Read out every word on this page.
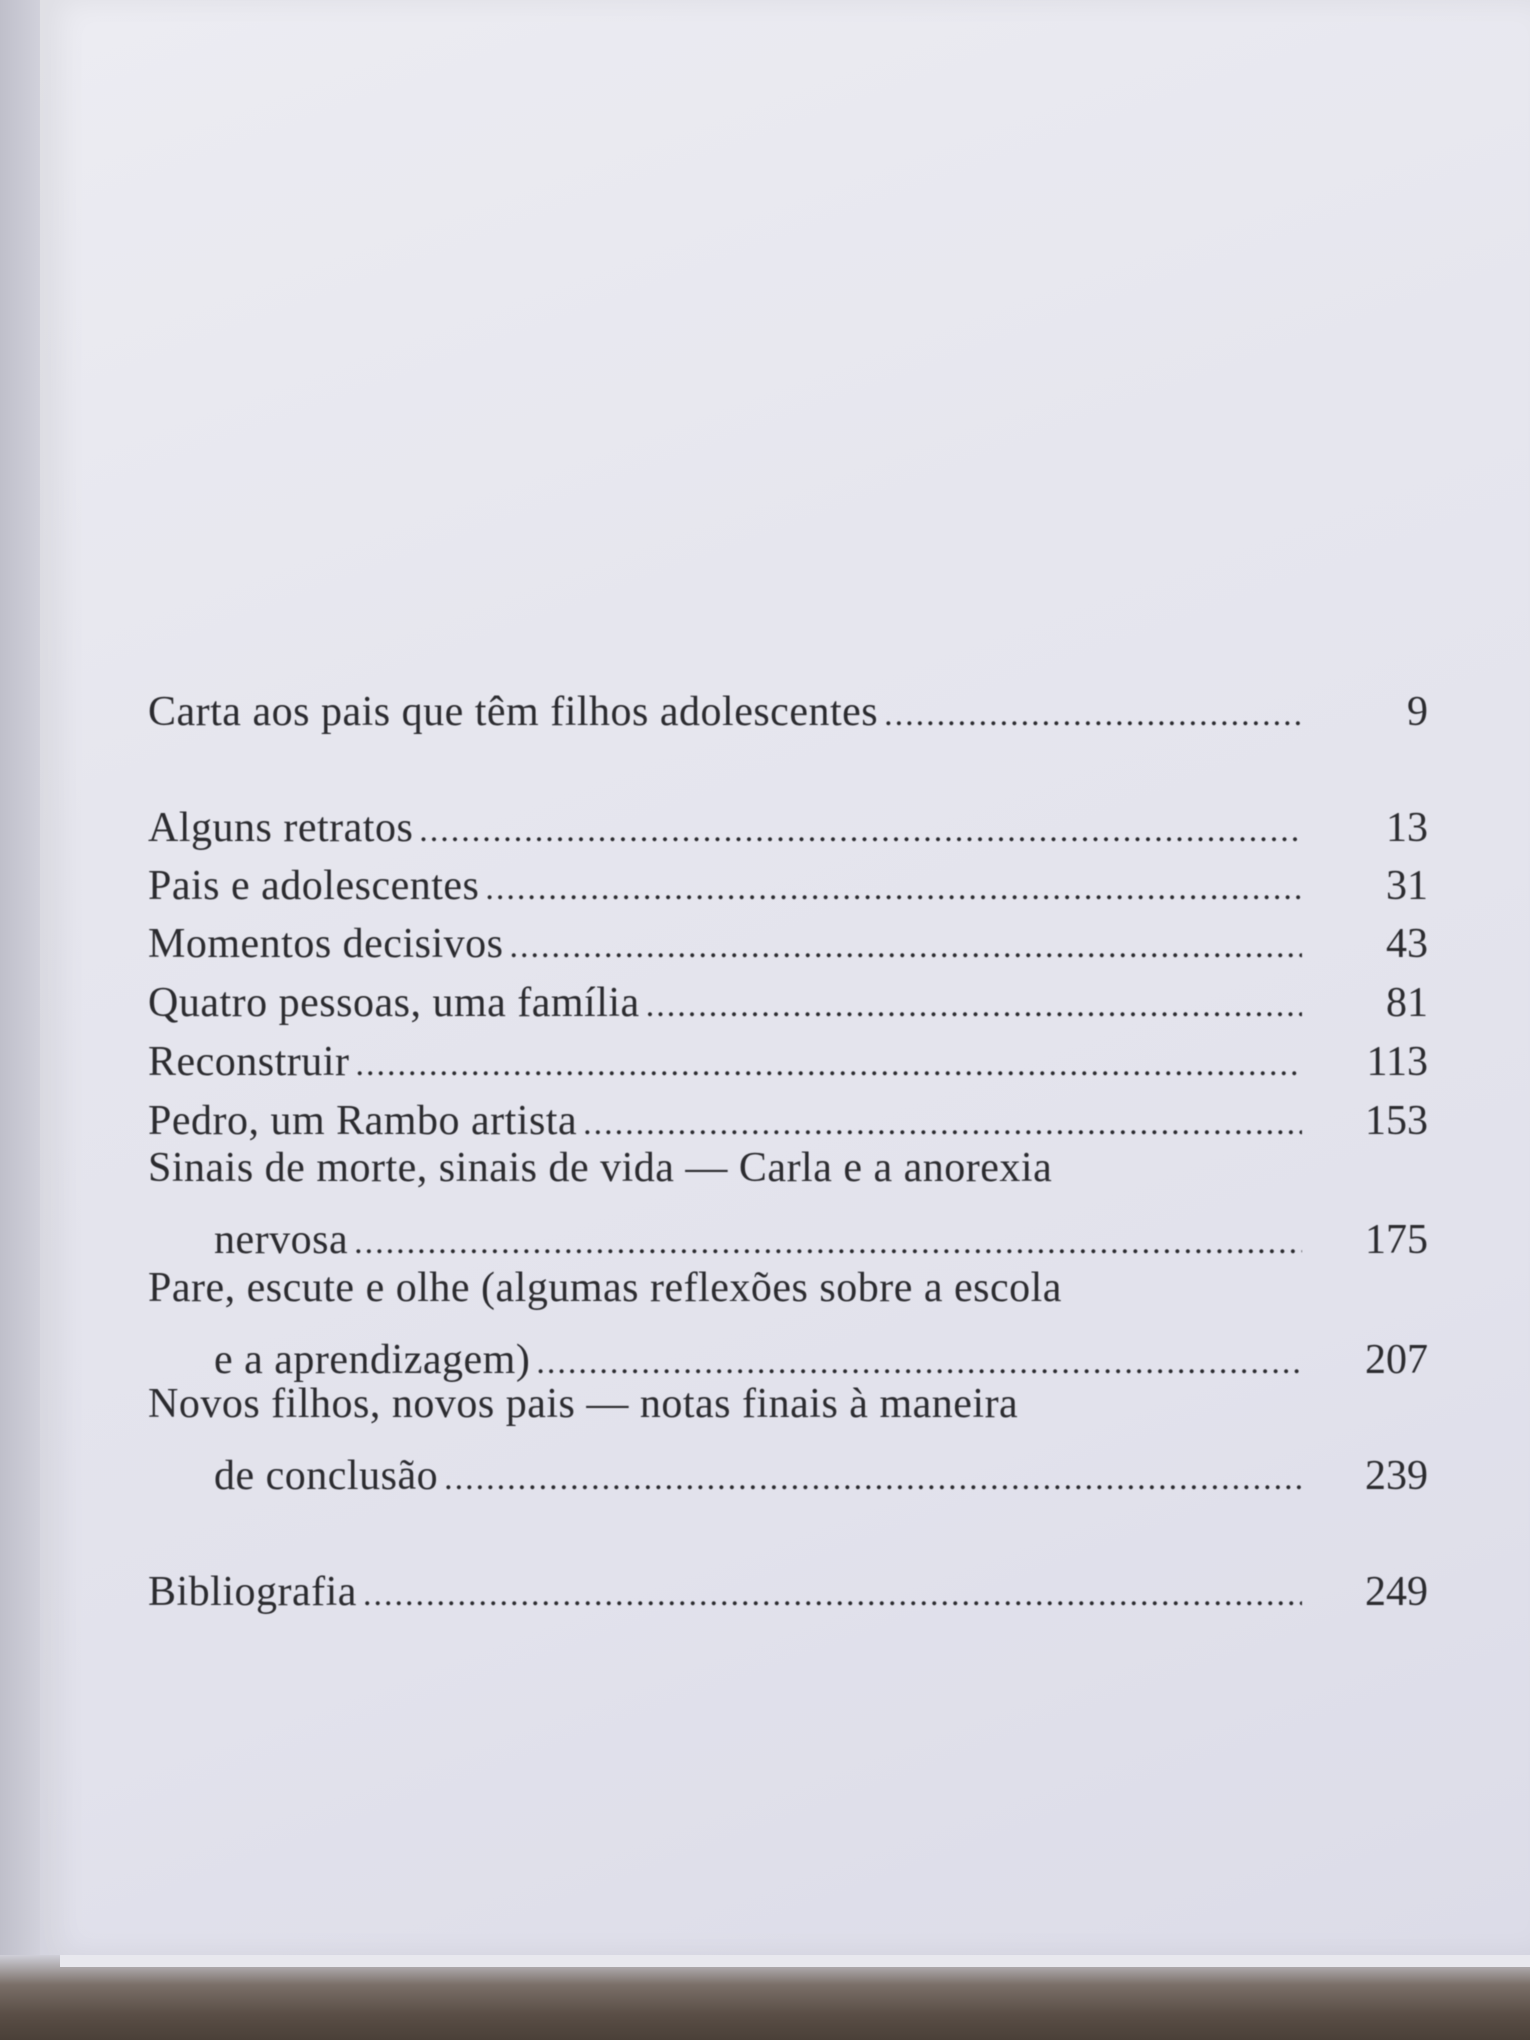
Carta aos pais que têm filhos adolescentes .....	9
Alguns retratos .....	13
Pais e adolescentes .....	31
Momentos decisivos .....	43
Quatro pessoas, uma família .....	81
Reconstruir .....	113
Pedro, um Rambo artista .....	153
Sinais de morte, sinais de vida — Carla e a anorexia
nervosa .....	175
Pare, escute e olhe (algumas reflexões sobre a escola
e a aprendizagem) .....	207
Novos filhos, novos pais — notas finais à maneira
de conclusão .....	239
Bibliografia .....	249
